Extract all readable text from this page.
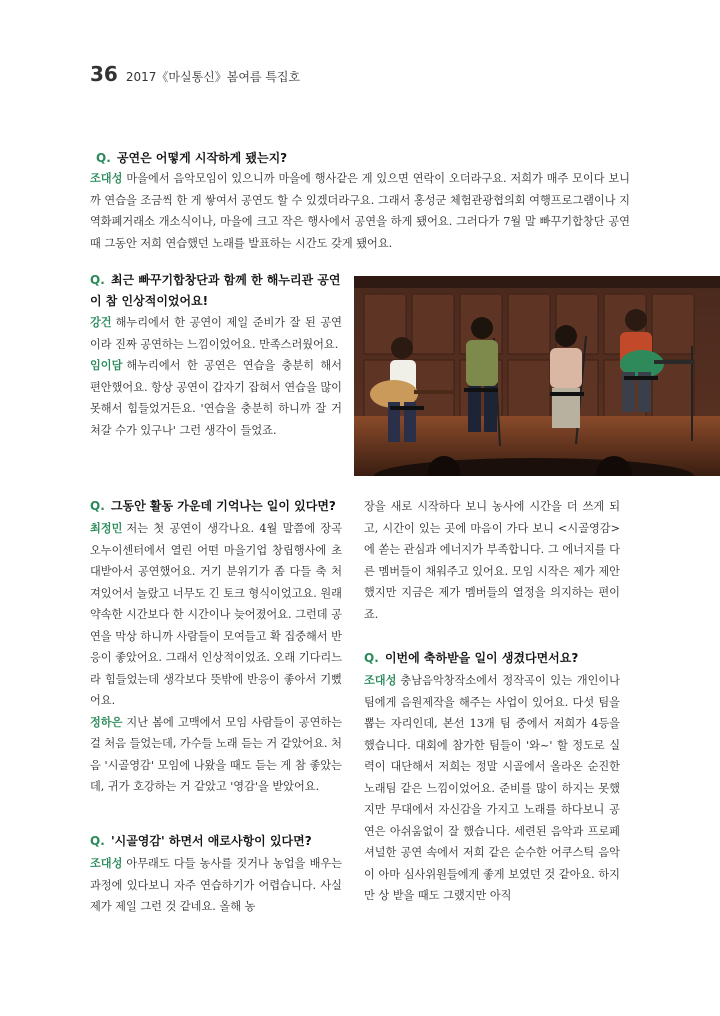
36 2017《마실통신》봄여름 특집호
Q. 공연은 어떻게 시작하게 됐는지?

조대성 마을에서 음악모임이 있으니까 마을에 행사같은 게 있으면 연락이 오더라구요. 저희가 매주 모이다 보니까 연습을 조금씩 한 게 쌓여서 공연도 할 수 있겠더라구요. 그래서 홍성군 체험관광협의회 여행프로그램이나 지역화폐거래소 개소식이나, 마을에 크고 작은 행사에서 공연을 하게 됐어요. 그러다가 7월 말 빠꾸기합창단 공연 때 그동안 저희 연습했던 노래를 발표하는 시간도 갖게 됐어요.

Q. 최근 빠꾸기합창단과 함께 한 해누리관 공연이 참 인상적이었어요!

강건 해누리에서 한 공연이 제일 준비가 잘 된 공연이라 진짜 공연하는 느낌이었어요. 만족스러웠어요.

임이담 해누리에서 한 공연은 연습을 충분히 해서 편안했어요. 항상 공연이 갑자기 잡혀서 연습을 많이 못해서 힘들었거든요. '연습을 충분히 하니까 잘 거쳐갈 수가 있구나' 그런 생각이 들었죠.

Q. 그동안 활동 가운데 기억나는 일이 있다면?

최정민 저는 첫 공연이 생각나요. 4월 말쯤에 장곡 오누이센터에서 열린 어떤 마을기업 창립행사에 초대받아서 공연했어요. 거기 분위기가 좀 다들 축 처져있어서 놀랐고 너무도 긴 토크 형식이었고요. 원래 약속한 시간보다 한 시간이나 늦어졌어요. 그런데 공연을 막상 하니까 사람들이 모여들고 확 집중해서 반응이 좋았어요. 그래서 인상적이었죠. 오래 기다리느라 힘들었는데 생각보다 뜻밖에 반응이 좋아서 기뻤어요.

정하은 지난 봄에 고맥에서 모임 사람들이 공연하는 걸 처음 들었는데, 가수들 노래 듣는 거 같았어요. 처음 '시골영감' 모임에 나왔을 때도 듣는 게 참 좋았는데, 귀가 호강하는 거 같았고 '영감'을 받았어요.

Q. '시골영감' 하면서 애로사항이 있다면?

조대성 아무래도 다들 농사를 짓거나 농업을 배우는 과정에 있다보니 자주 연습하기가 어렵습니다. 사실 제가 제일 그런 것 같네요. 올해 농

장을 새로 시작하다 보니 농사에 시간을 더 쓰게 되고, 시간이 있는 곳에 마음이 가다 보니 <시골영감>에 쏟는 관심과 에너지가 부족합니다. 그 에너지를 다른 멤버들이 채워주고 있어요. 모임 시작은 제가 제안했지만 지금은 제가 멤버들의 열정을 의지하는 편이죠.

Q. 이번에 축하받을 일이 생겼다면서요?

조대성 충남음악창작소에서 정작곡이 있는 개인이나 팀에게 음원제작을 해주는 사업이 있어요. 다섯 팀을 뽑는 자리인데, 본선 13개 팀 중에서 저희가 4등을 했습니다. 대회에 참가한 팀들이 '와~' 할 정도로 실력이 대단해서 저희는 정말 시골에서 올라온 순진한 노래팀 같은 느낌이었어요. 준비를 많이 하지는 못했지만 무대에서 자신감을 가지고 노래를 하다보니 공연은 아쉬움없이 잘 했습니다. 세련된 음악과 프로페셔널한 공연 속에서 저희 같은 순수한 어쿠스틱 음악이 아마 심사위원들에게 좋게 보였던 것 같아요. 하지만 상 받을 때도 그랬지만 아직
